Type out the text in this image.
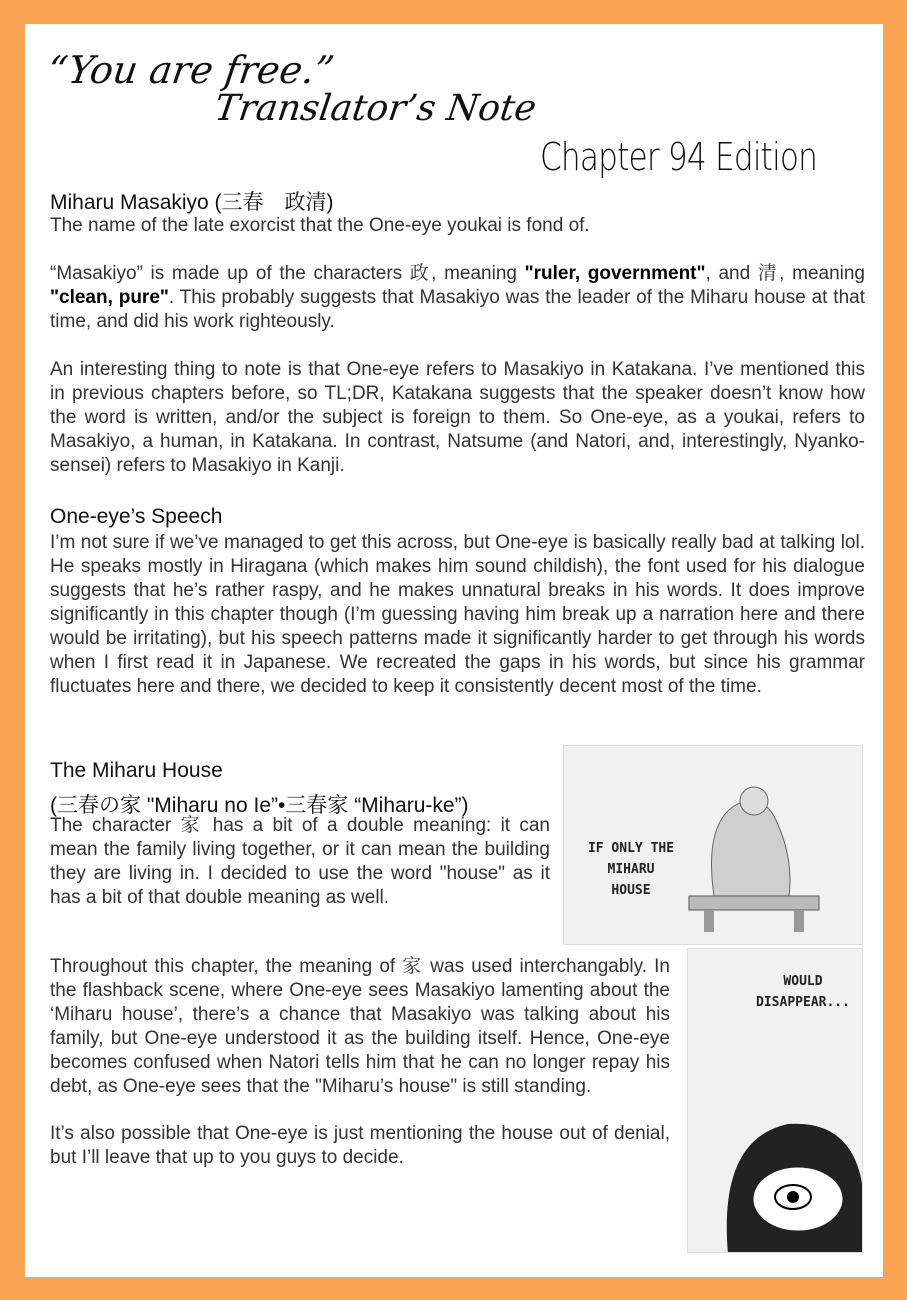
“You are free.”
Translator’s Note
Chapter 94 Edition
Miharu Masakiyo (三春　政清)
The name of the late exorcist that the One-eye youkai is fond of.
“Masakiyo” is made up of the characters 政, meaning "ruler, government", and 清, meaning "clean, pure". This probably suggests that Masakiyo was the leader of the Miharu house at that time, and did his work righteously.
An interesting thing to note is that One-eye refers to Masakiyo in Katakana. I’ve mentioned this in previous chapters before, so TL;DR, Katakana suggests that the speaker doesn’t know how the word is written, and/or the subject is foreign to them. So One-eye, as a youkai, refers to Masakiyo, a human, in Katakana. In contrast, Natsume (and Natori, and, interestingly, Nyanko-sensei) refers to Masakiyo in Kanji.
One-eye’s Speech
I’m not sure if we’ve managed to get this across, but One-eye is basically really bad at talking lol. He speaks mostly in Hiragana (which makes him sound childish), the font used for his dialogue suggests that he’s rather raspy, and he makes unnatural breaks in his words. It does improve significantly in this chapter though (I’m guessing having him break up a narration here and there would be irritating), but his speech patterns made it significantly harder to get through his words when I first read it in Japanese. We recreated the gaps in his words, but since his grammar fluctuates here and there, we decided to keep it consistently decent most of the time.
The Miharu House
(三春の家 "Miharu no Ie”•三春家 “Miharu-ke”)
The character 家 has a bit of a double meaning: it can mean the family living together, or it can mean the building they are living in. I decided to use the word "house" as it has a bit of that double meaning as well.
Throughout this chapter, the meaning of 家 was used interchangably. In the flashback scene, where One-eye sees Masakiyo lamenting about the ‘Miharu house’, there’s a chance that Masakiyo was talking about his family, but One-eye understood it as the building itself. Hence, One-eye becomes confused when Natori tells him that he can no longer repay his debt, as One-eye sees that the "Miharu’s house" is still standing.
It’s also possible that One-eye is just mentioning the house out of denial, but I’ll leave that up to you guys to decide.
IF ONLY THE MIHARU HOUSE
WOULD DISAPPEAR...
